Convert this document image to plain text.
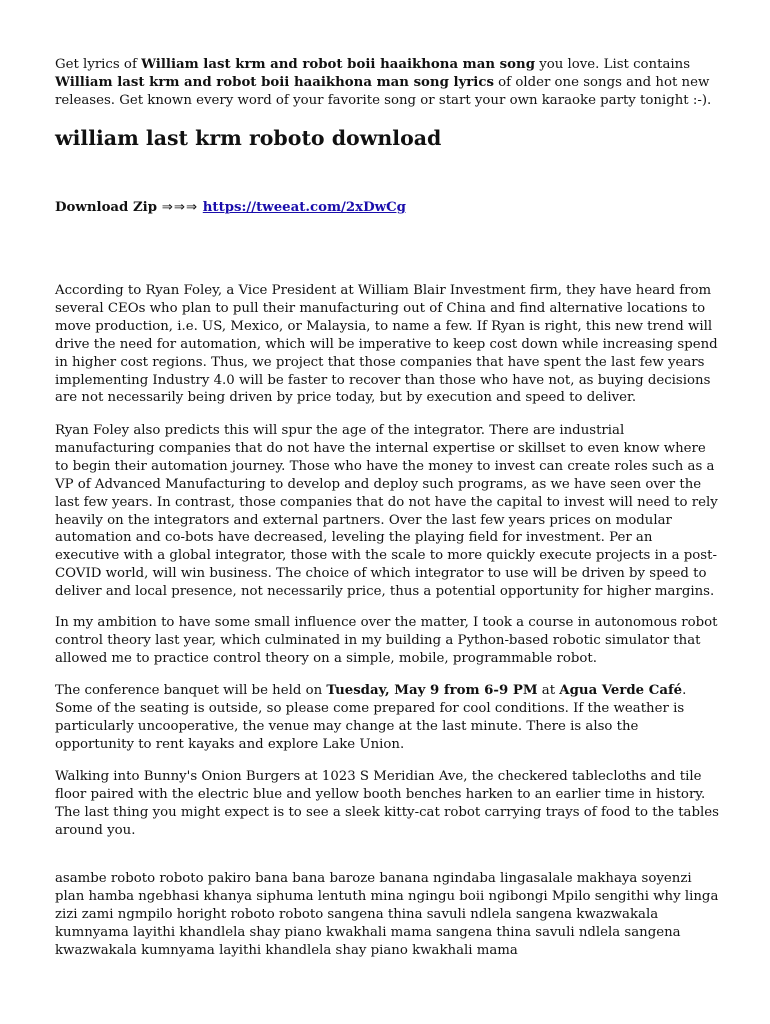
Get lyrics of William last krm and robot boii haaikhona man song you love. List contains William last krm and robot boii haaikhona man song lyrics of older one songs and hot new releases. Get known every word of your favorite song or start your own karaoke party tonight :-).
william last krm roboto download
Download Zip ⇒⇒⇒ https://tweeat.com/2xDwCg
According to Ryan Foley, a Vice President at William Blair Investment firm, they have heard from several CEOs who plan to pull their manufacturing out of China and find alternative locations to move production, i.e. US, Mexico, or Malaysia, to name a few. If Ryan is right, this new trend will drive the need for automation, which will be imperative to keep cost down while increasing spend in higher cost regions. Thus, we project that those companies that have spent the last few years implementing Industry 4.0 will be faster to recover than those who have not, as buying decisions are not necessarily being driven by price today, but by execution and speed to deliver.
Ryan Foley also predicts this will spur the age of the integrator. There are industrial manufacturing companies that do not have the internal expertise or skillset to even know where to begin their automation journey. Those who have the money to invest can create roles such as a VP of Advanced Manufacturing to develop and deploy such programs, as we have seen over the last few years. In contrast, those companies that do not have the capital to invest will need to rely heavily on the integrators and external partners. Over the last few years prices on modular automation and co-bots have decreased, leveling the playing field for investment. Per an executive with a global integrator, those with the scale to more quickly execute projects in a post-COVID world, will win business. The choice of which integrator to use will be driven by speed to deliver and local presence, not necessarily price, thus a potential opportunity for higher margins.
In my ambition to have some small influence over the matter, I took a course in autonomous robot control theory last year, which culminated in my building a Python-based robotic simulator that allowed me to practice control theory on a simple, mobile, programmable robot.
The conference banquet will be held on Tuesday, May 9 from 6-9 PM at Agua Verde Café. Some of the seating is outside, so please come prepared for cool conditions. If the weather is particularly uncooperative, the venue may change at the last minute. There is also the opportunity to rent kayaks and explore Lake Union.
Walking into Bunny's Onion Burgers at 1023 S Meridian Ave, the checkered tablecloths and tile floor paired with the electric blue and yellow booth benches harken to an earlier time in history. The last thing you might expect is to see a sleek kitty-cat robot carrying trays of food to the tables around you.
asambe roboto roboto pakiro bana bana baroze banana ngindaba lingasalale makhaya soyenzi plan hamba ngebhasi khanya siphuma lentuth mina ngingu boii ngibongi Mpilo sengithi why linga zizi zami ngmpilo horight roboto roboto sangena thina savuli ndlela sangena kwazwakala kumnyama layithi khandlela shay piano kwakhali mama sangena thina savuli ndlela sangena kwazwakala kumnyama layithi khandlela shay piano kwakhali mama
